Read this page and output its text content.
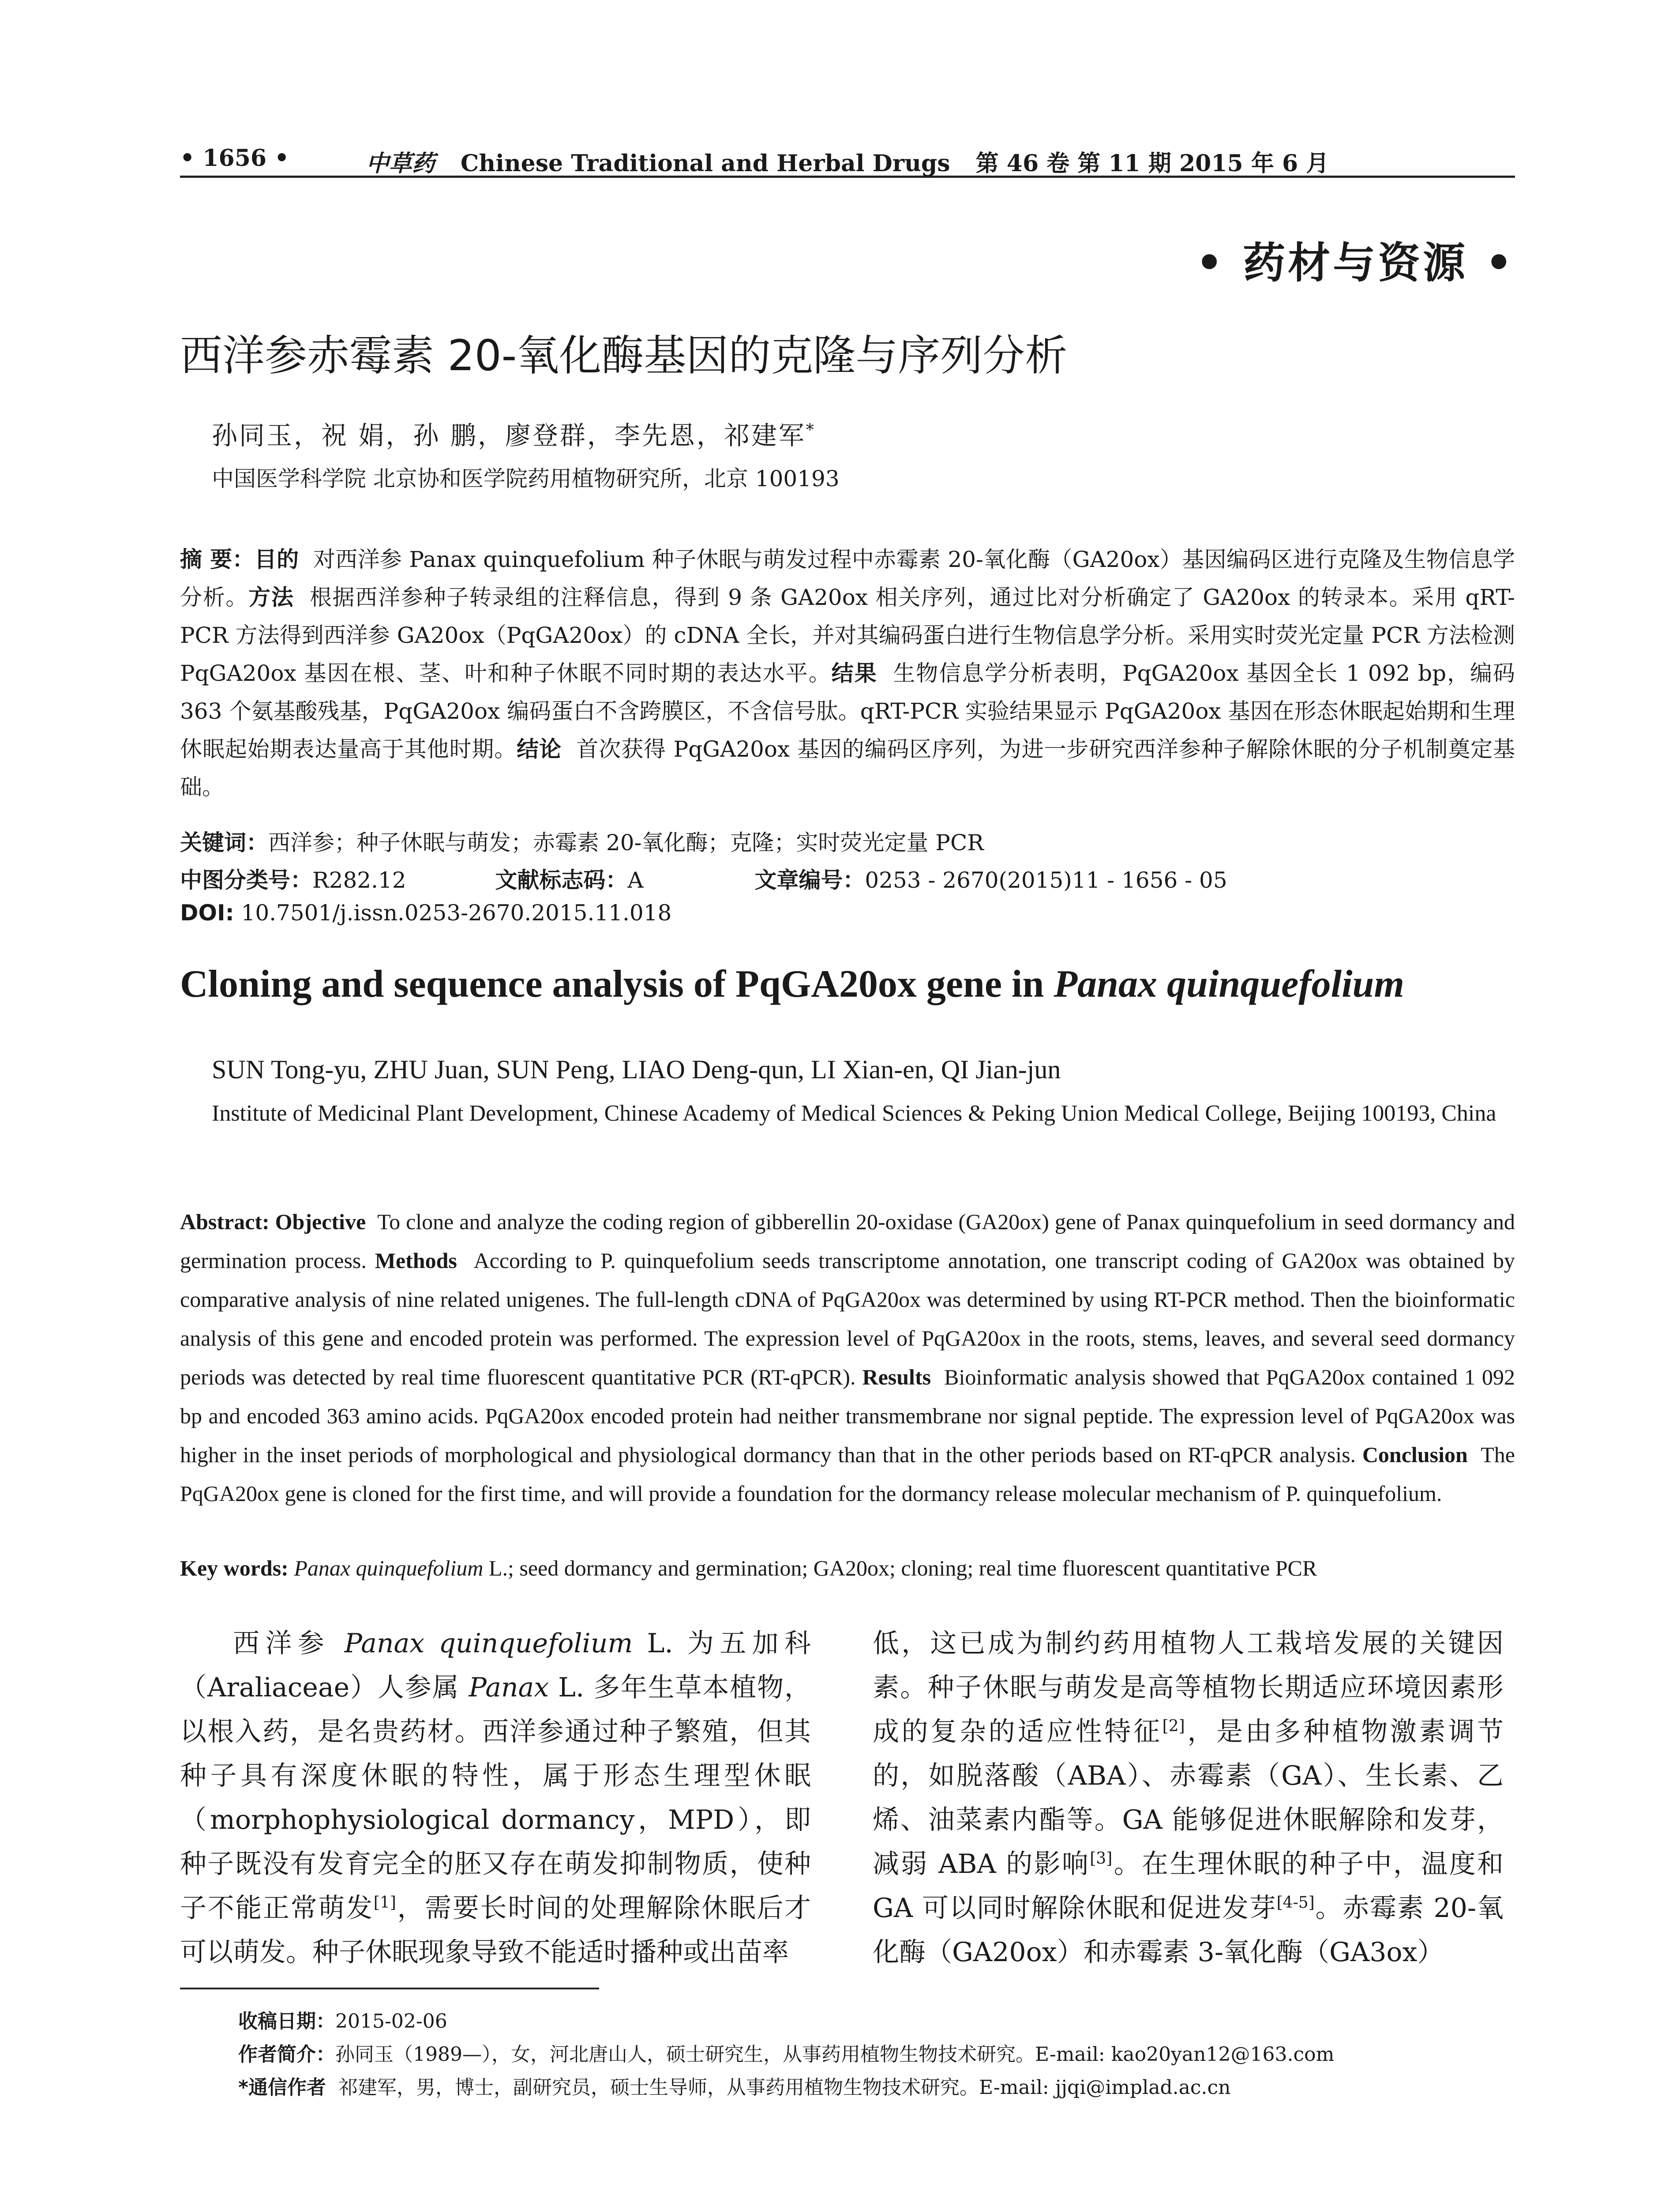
• 1656 •	中草药 Chinese Traditional and Herbal Drugs 第 46 卷 第 11 期 2015 年 6 月
• 药材与资源 •
西洋参赤霉素 20-氧化酶基因的克隆与序列分析
孙同玉，祝 娟，孙 鹏，廖登群，李先恩，祁建军*
中国医学科学院 北京协和医学院药用植物研究所，北京 100193
摘 要：目的 对西洋参 Panax quinquefolium 种子休眠与萌发过程中赤霉素 20-氧化酶（GA20ox）基因编码区进行克隆及生物信息学分析。方法 根据西洋参种子转录组的注释信息，得到 9 条 GA20ox 相关序列，通过比对分析确定了 GA20ox 的转录本。采用 qRT-PCR 方法得到西洋参 GA20ox（PqGA20ox）的 cDNA 全长，并对其编码蛋白进行生物信息学分析。采用实时荧光定量 PCR 方法检测 PqGA20ox 基因在根、茎、叶和种子休眠不同时期的表达水平。结果 生物信息学分析表明，PqGA20ox 基因全长 1 092 bp，编码 363 个氨基酸残基，PqGA20ox 编码蛋白不含跨膜区，不含信号肽。qRT-PCR 实验结果显示 PqGA20ox 基因在形态休眠起始期和生理休眠起始期表达量高于其他时期。结论 首次获得 PqGA20ox 基因的编码区序列，为进一步研究西洋参种子解除休眠的分子机制奠定基础。
关键词：西洋参；种子休眠与萌发；赤霉素 20-氧化酶；克隆；实时荧光定量 PCR
中图分类号：R282.12	文献标志码：A	文章编号：0253 - 2670(2015)11 - 1656 - 05
DOI: 10.7501/j.issn.0253-2670.2015.11.018
Cloning and sequence analysis of PqGA20ox gene in Panax quinquefolium
SUN Tong-yu, ZHU Juan, SUN Peng, LIAO Deng-qun, LI Xian-en, QI Jian-jun
Institute of Medicinal Plant Development, Chinese Academy of Medical Sciences & Peking Union Medical College, Beijing 100193, China
Abstract: Objective To clone and analyze the coding region of gibberellin 20-oxidase (GA20ox) gene of Panax quinquefolium in seed dormancy and germination process. Methods According to P. quinquefolium seeds transcriptome annotation, one transcript coding of GA20ox was obtained by comparative analysis of nine related unigenes. The full-length cDNA of PqGA20ox was determined by using RT-PCR method. Then the bioinformatic analysis of this gene and encoded protein was performed. The expression level of PqGA20ox in the roots, stems, leaves, and several seed dormancy periods was detected by real time fluorescent quantitative PCR (RT-qPCR). Results Bioinformatic analysis showed that PqGA20ox contained 1 092 bp and encoded 363 amino acids. PqGA20ox encoded protein had neither transmembrane nor signal peptide. The expression level of PqGA20ox was higher in the inset periods of morphological and physiological dormancy than that in the other periods based on RT-qPCR analysis. Conclusion The PqGA20ox gene is cloned for the first time, and will provide a foundation for the dormancy release molecular mechanism of P. quinquefolium.
Key words: Panax quinquefolium L.; seed dormancy and germination; GA20ox; cloning; real time fluorescent quantitative PCR
西洋参 Panax quinquefolium L. 为五加科（Araliaceae）人参属 Panax L. 多年生草本植物，以根入药，是名贵药材。西洋参通过种子繁殖，但其种子具有深度休眠的特性，属于形态生理型休眠（morphophysiological dormancy，MPD），即种子既没有发育完全的胚又存在萌发抑制物质，使种子不能正常萌发[1]，需要长时间的处理解除休眠后才可以萌发。种子休眠现象导致不能适时播种或出苗率
低，这已成为制约药用植物人工栽培发展的关键因素。种子休眠与萌发是高等植物长期适应环境因素形成的复杂的适应性特征[2]，是由多种植物激素调节的，如脱落酸（ABA）、赤霉素（GA）、生长素、乙烯、油菜素内酯等。GA 能够促进休眠解除和发芽，减弱 ABA 的影响[3]。在生理休眠的种子中，温度和 GA 可以同时解除休眠和促进发芽[4-5]。赤霉素 20-氧化酶（GA20ox）和赤霉素 3-氧化酶（GA3ox）
收稿日期：2015-02-06
作者简介：孙同玉（1989—），女，河北唐山人，硕士研究生，从事药用植物生物技术研究。E-mail: kao20yan12@163.com
*通信作者 祁建军，男，博士，副研究员，硕士生导师，从事药用植物生物技术研究。E-mail: jjqi@implad.ac.cn
